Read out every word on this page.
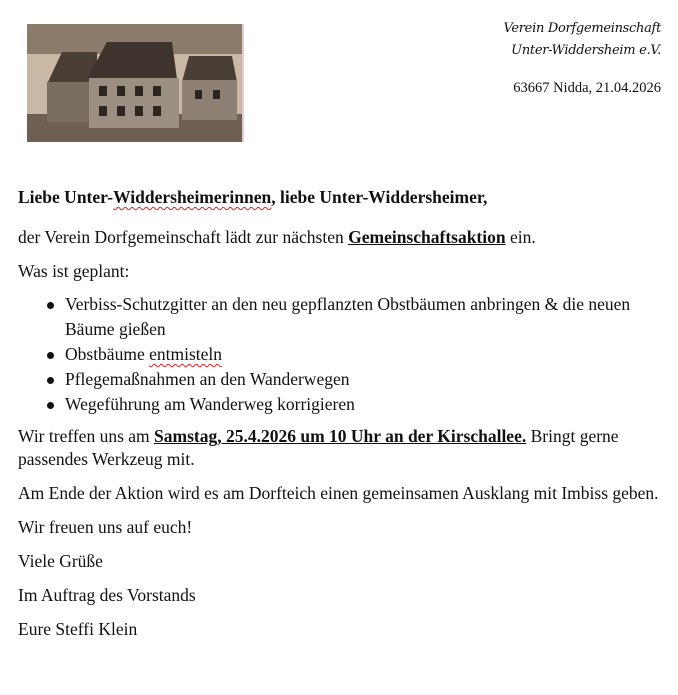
Verein Dorfgemeinschaft
Unter-Widdersheim e.V.
63667 Nidda, 21.04.2026

Liebe Unter-Widdersheimerinnen, liebe Unter-Widdersheimer,

der Verein Dorfgemeinschaft lädt zur nächsten Gemeinschaftsaktion ein.

Was ist geplant:

Verbiss-Schutzgitter an den neu gepflanzten Obstbäumen anbringen & die neuen Bäume gießen
Obstbäume entmisteln
Pflegemaßnahmen an den Wanderwegen
Wegeführung am Wanderweg korrigieren

Wir treffen uns am Samstag, 25.4.2026 um 10 Uhr an der Kirschallee. Bringt gerne passendes Werkzeug mit.

Am Ende der Aktion wird es am Dorfteich einen gemeinsamen Ausklang mit Imbiss geben.

Wir freuen uns auf euch!

Viele Grüße

Im Auftrag des Vorstands

Eure Steffi Klein
